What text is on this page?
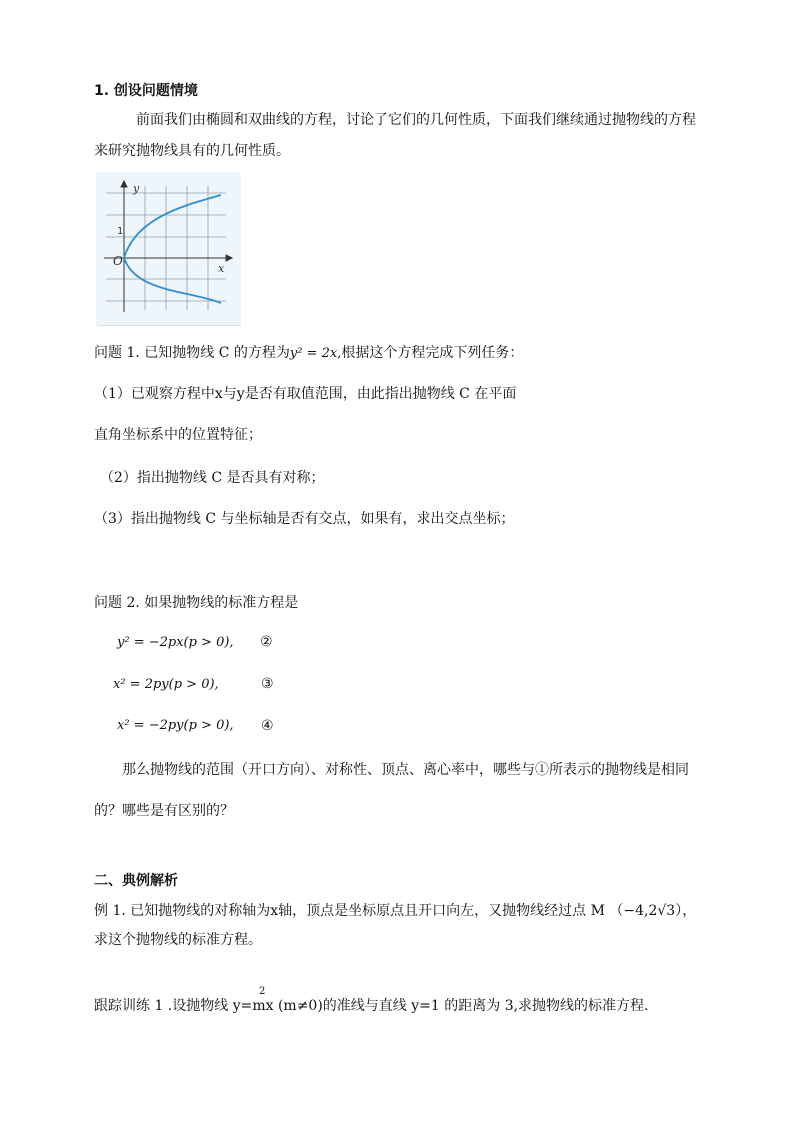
1. 创设问题情境
前面我们由椭圆和双曲线的方程，讨论了它们的几何性质，下面我们继续通过抛物线的方程
来研究抛物线具有的几何性质。
y
x
O
1
问题 1. 已知抛物线 C 的方程为y² = 2x,根据这个方程完成下列任务：
（1）已观察方程中x与y是否有取值范围，由此指出抛物线 C 在平面
直角坐标系中的位置特征；
（2）指出抛物线 C 是否具有对称；
（3）指出抛物线 C 与坐标轴是否有交点，如果有，求出交点坐标；
问题 2. 如果抛物线的标准方程是
y² = −2px(p > 0), ②
x² = 2py(p > 0),	③
x² = −2py(p > 0), ④
那么抛物线的范围（开口方向）、对称性、顶点、离心率中，哪些与①所表示的抛物线是相同
的？哪些是有区别的？
二、典例解析
例 1. 已知抛物线的对称轴为x轴，顶点是坐标原点且开口向左，又抛物线经过点 M （−4,2√3），
求这个抛物线的标准方程。
2
跟踪训练 1 .设抛物线 y=mx (m≠0)的准线与直线 y=1 的距离为 3,求抛物线的标准方程.
